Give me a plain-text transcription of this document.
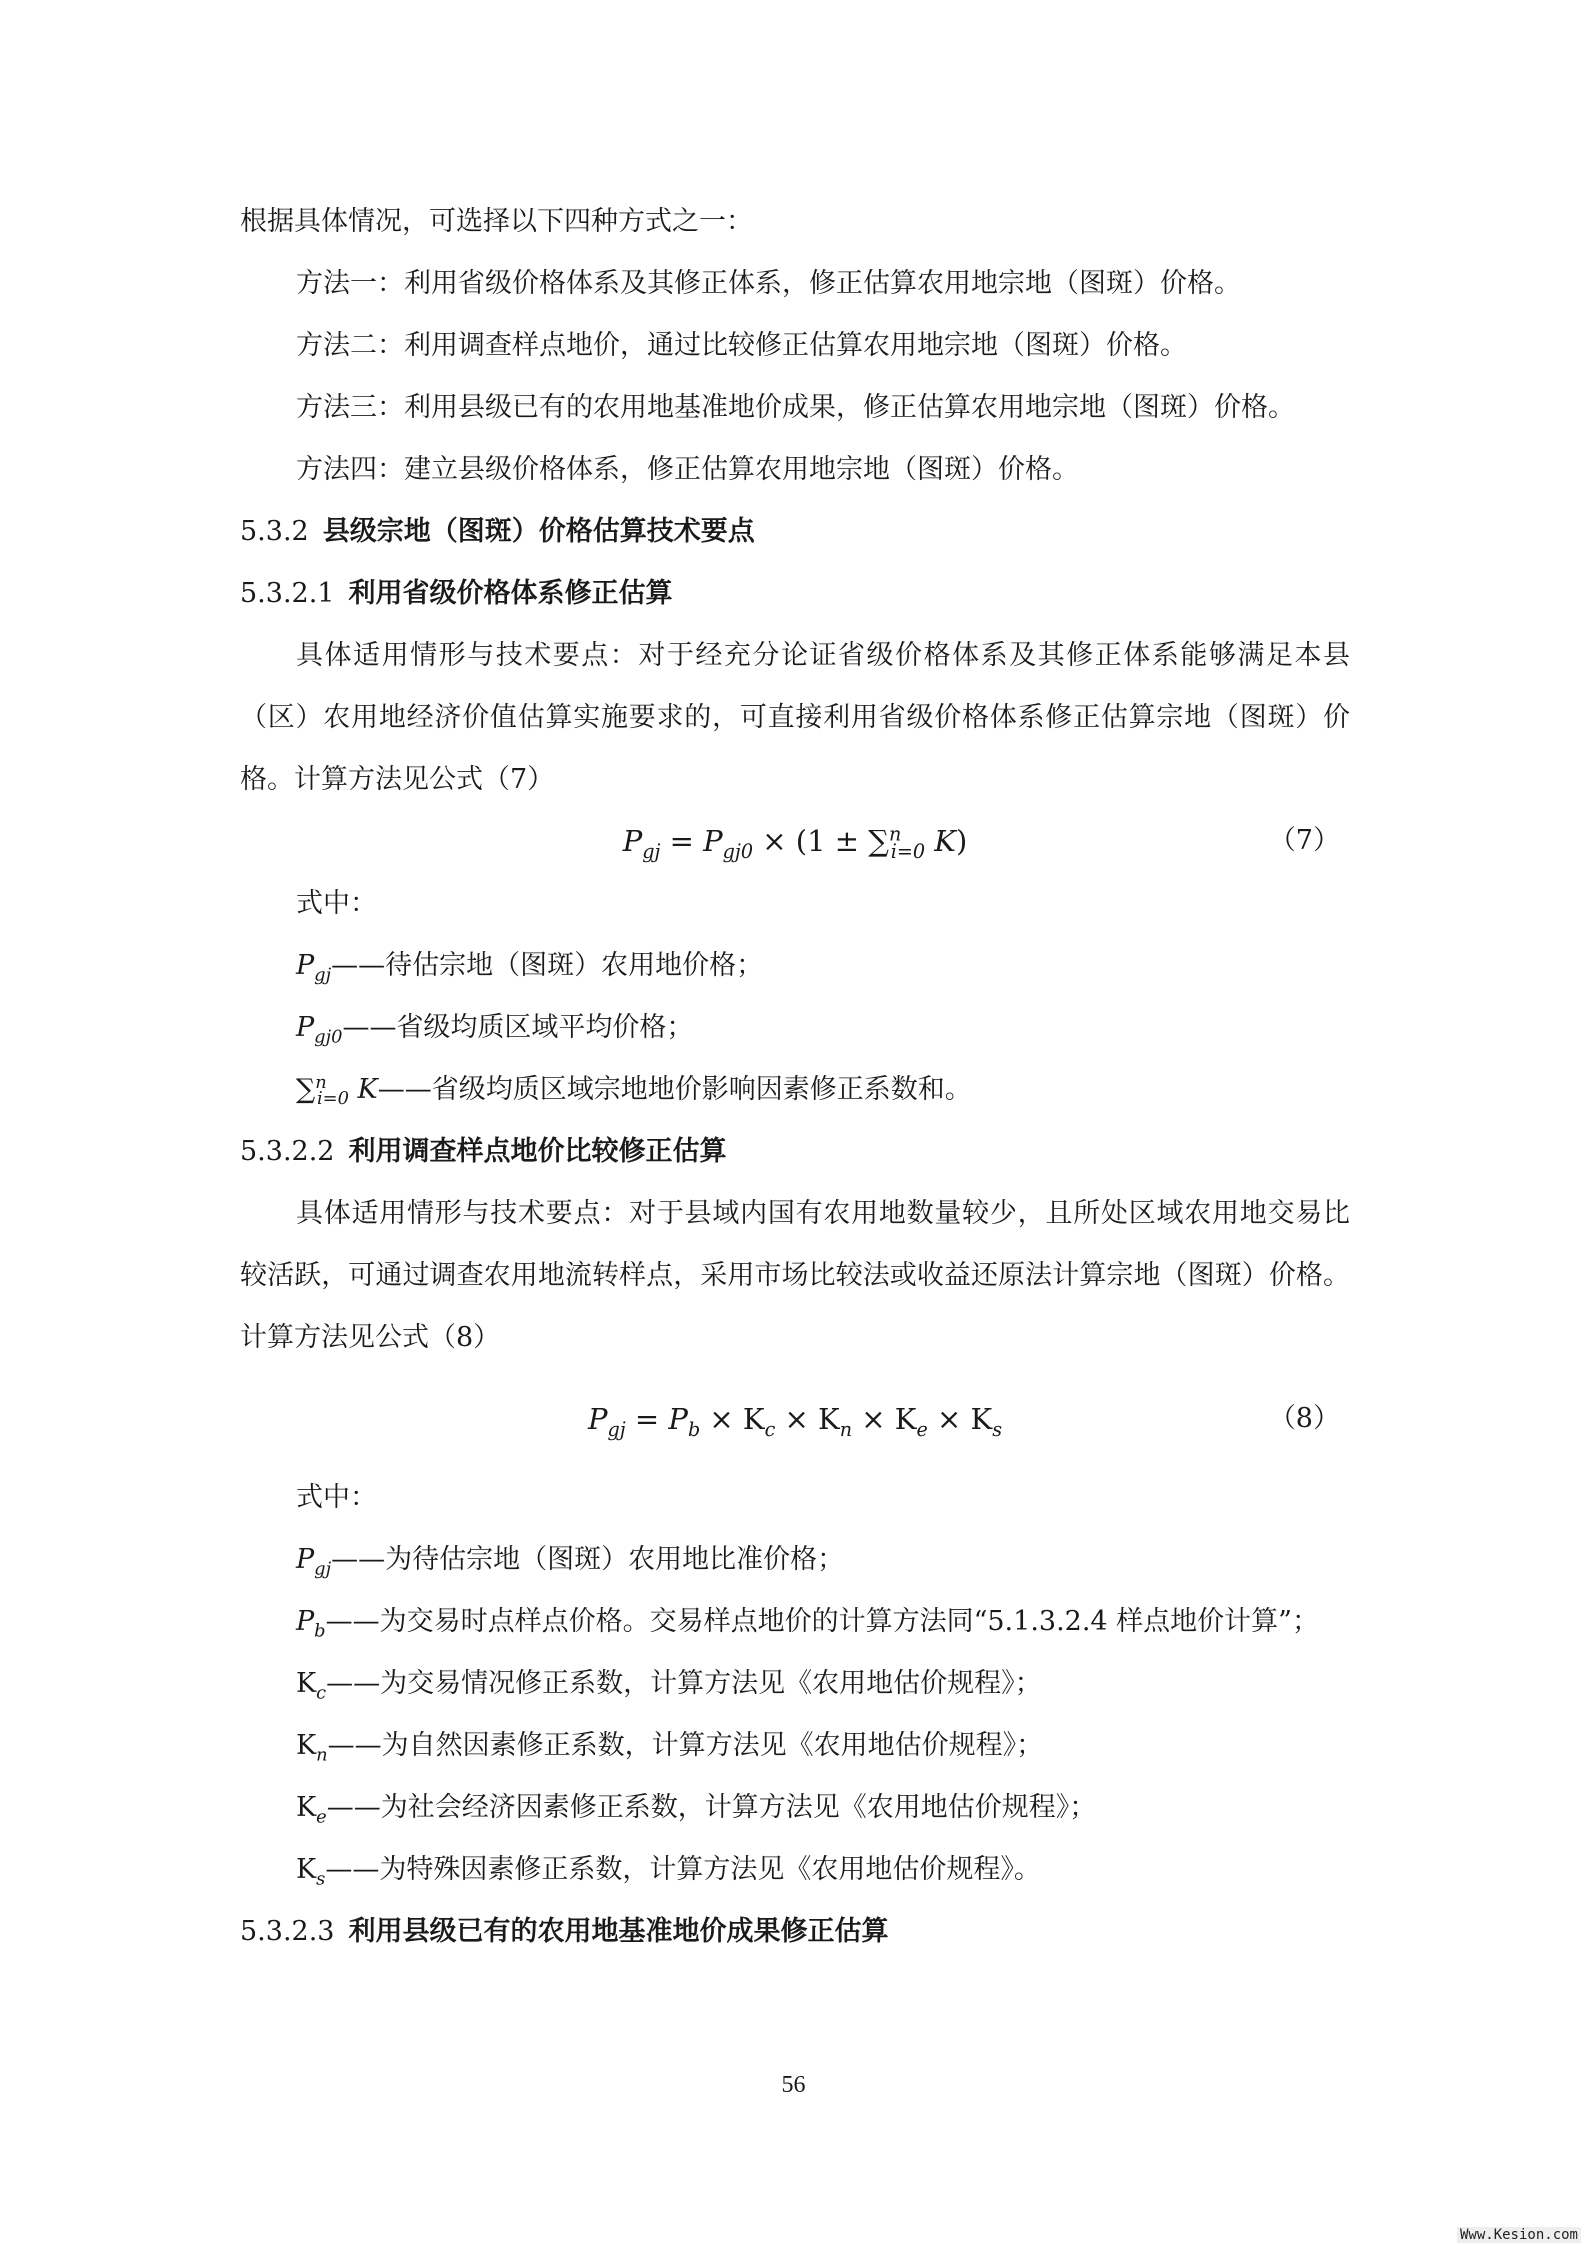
根据具体情况，可选择以下四种方式之一：
方法一：利用省级价格体系及其修正体系，修正估算农用地宗地（图斑）价格。
方法二：利用调查样点地价，通过比较修正估算农用地宗地（图斑）价格。
方法三：利用县级已有的农用地基准地价成果，修正估算农用地宗地（图斑）价格。
方法四：建立县级价格体系，修正估算农用地宗地（图斑）价格。
5.3.2 县级宗地（图斑）价格估算技术要点
5.3.2.1 利用省级价格体系修正估算
具体适用情形与技术要点：对于经充分论证省级价格体系及其修正体系能够满足本县
（区）农用地经济价值估算实施要求的，可直接利用省级价格体系修正估算宗地（图斑）价
格。计算方法见公式（7）
$P_{gj} = P_{gj0} \times (1 \pm \sum^n_{i=0}$ K)	（7）
式中：
$P_{gj}——$待估宗地（图斑）农用地价格；
$P_{gj0}——$省级均质区域平均价格；
∑$^n_{i=0}$ K——省级均质区域宗地地价影响因素修正系数和。
5.3.2.2 利用调查样点地价比较修正估算
具体适用情形与技术要点：对于县域内国有农用地数量较少，且所处区域农用地交易比
较活跃，可通过调查农用地流转样点，采用市场比较法或收益还原法计算宗地（图斑）价格。
计算方法见公式（8）
$P_{gj} = P_b \times K_c \times K_n \times K_e \times K_s$	（8）
式中：
$P_{gj}——$为待估宗地（图斑）农用地比准价格；
$P_b——$为交易时点样点价格。交易样点地价的计算方法同“5.1.3.2.4 样点地价计算”；
$K_c——$为交易情况修正系数，计算方法见《农用地估价规程》；
$K_n——$为自然因素修正系数，计算方法见《农用地估价规程》；
$K_e——$为社会经济因素修正系数，计算方法见《农用地估价规程》；
$K_s——$为特殊因素修正系数，计算方法见《农用地估价规程》。
5.3.2.3 利用县级已有的农用地基准地价成果修正估算
56
Www.Kesion.com
